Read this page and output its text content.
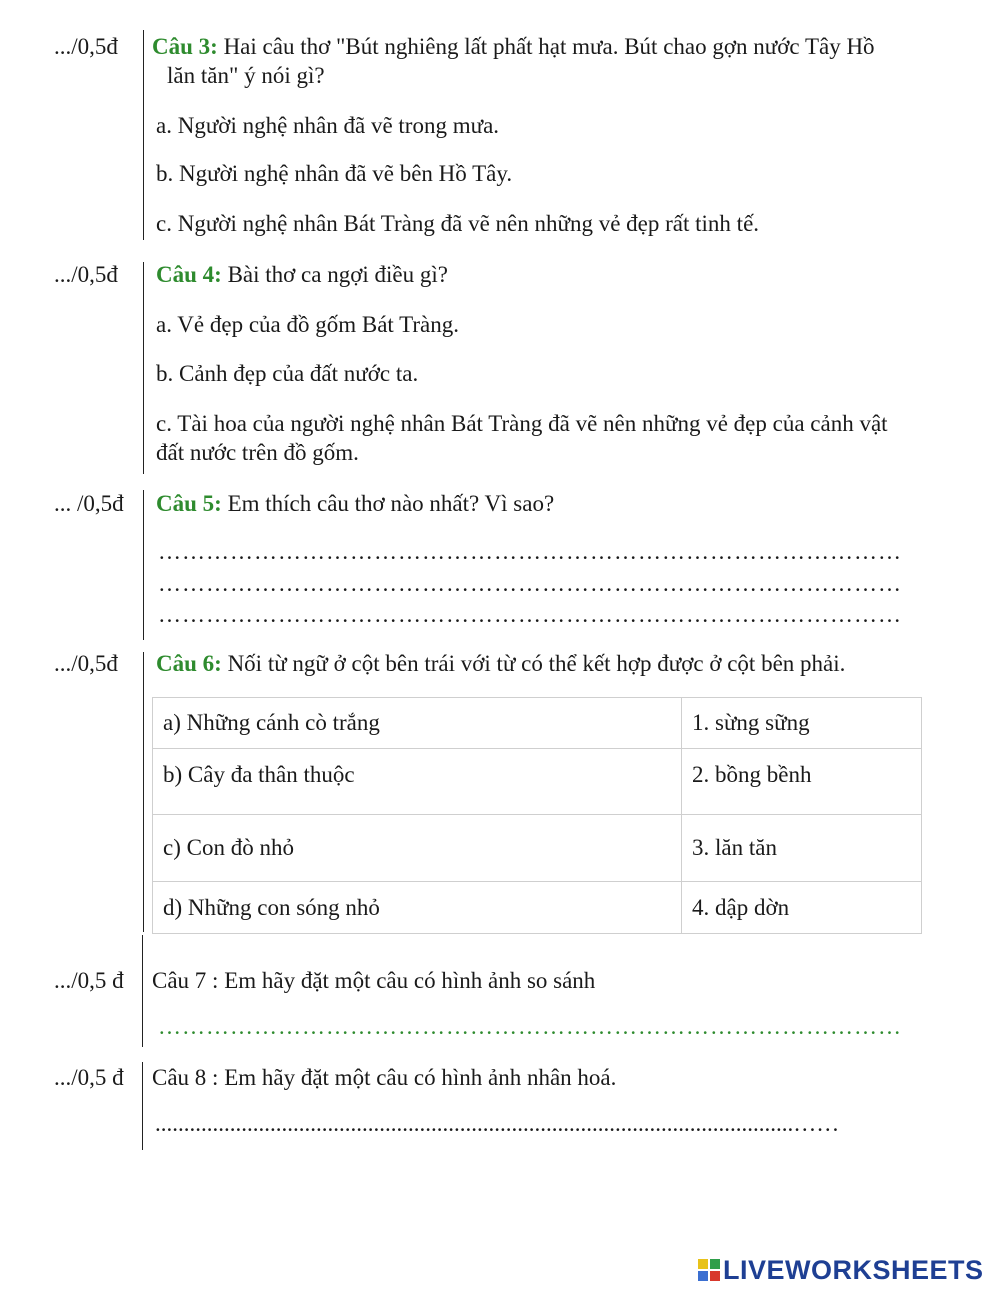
.../0,5đ Câu 3: Hai câu thơ "Bút nghiêng lất phất hạt mưa. Bút chao gợn nước Tây Hồ
lăn tăn" ý nói gì?
a. Người nghệ nhân đã vẽ trong mưa.
b. Người nghệ nhân đã vẽ bên Hồ Tây.
c. Người nghệ nhân Bát Tràng đã vẽ nên những vẻ đẹp rất tinh tế.
.../0,5đ Câu 4: Bài thơ ca ngợi điều gì?
a. Vẻ đẹp của đồ gốm Bát Tràng.
b. Cảnh đẹp của đất nước ta.
c. Tài hoa của người nghệ nhân Bát Tràng đã vẽ nên những vẻ đẹp của cảnh vật
đất nước trên đồ gốm.
... /0,5đ Câu 5: Em thích câu thơ nào nhất? Vì sao?
…………………………………………………………………………………
…………………………………………………………………………………
…………………………………………………………………………………
.../0,5đ Câu 6: Nối từ ngữ ở cột bên trái với từ có thể kết hợp được ở cột bên phải.
a) Những cánh cò trắng	1. sừng sững
b) Cây đa thân thuộc	2. bồng bềnh
c) Con đò nhỏ	3. lăn tăn
d) Những con sóng nhỏ	4. dập dờn
.../0,5 đ Câu 7 : Em hãy đặt một câu có hình ảnh so sánh
…………………………………………………………………………………
.../0,5 đ Câu 8 : Em hãy đặt một câu có hình ảnh nhân hoá.
...............................................................................................................……
LIVEWORKSHEETS
